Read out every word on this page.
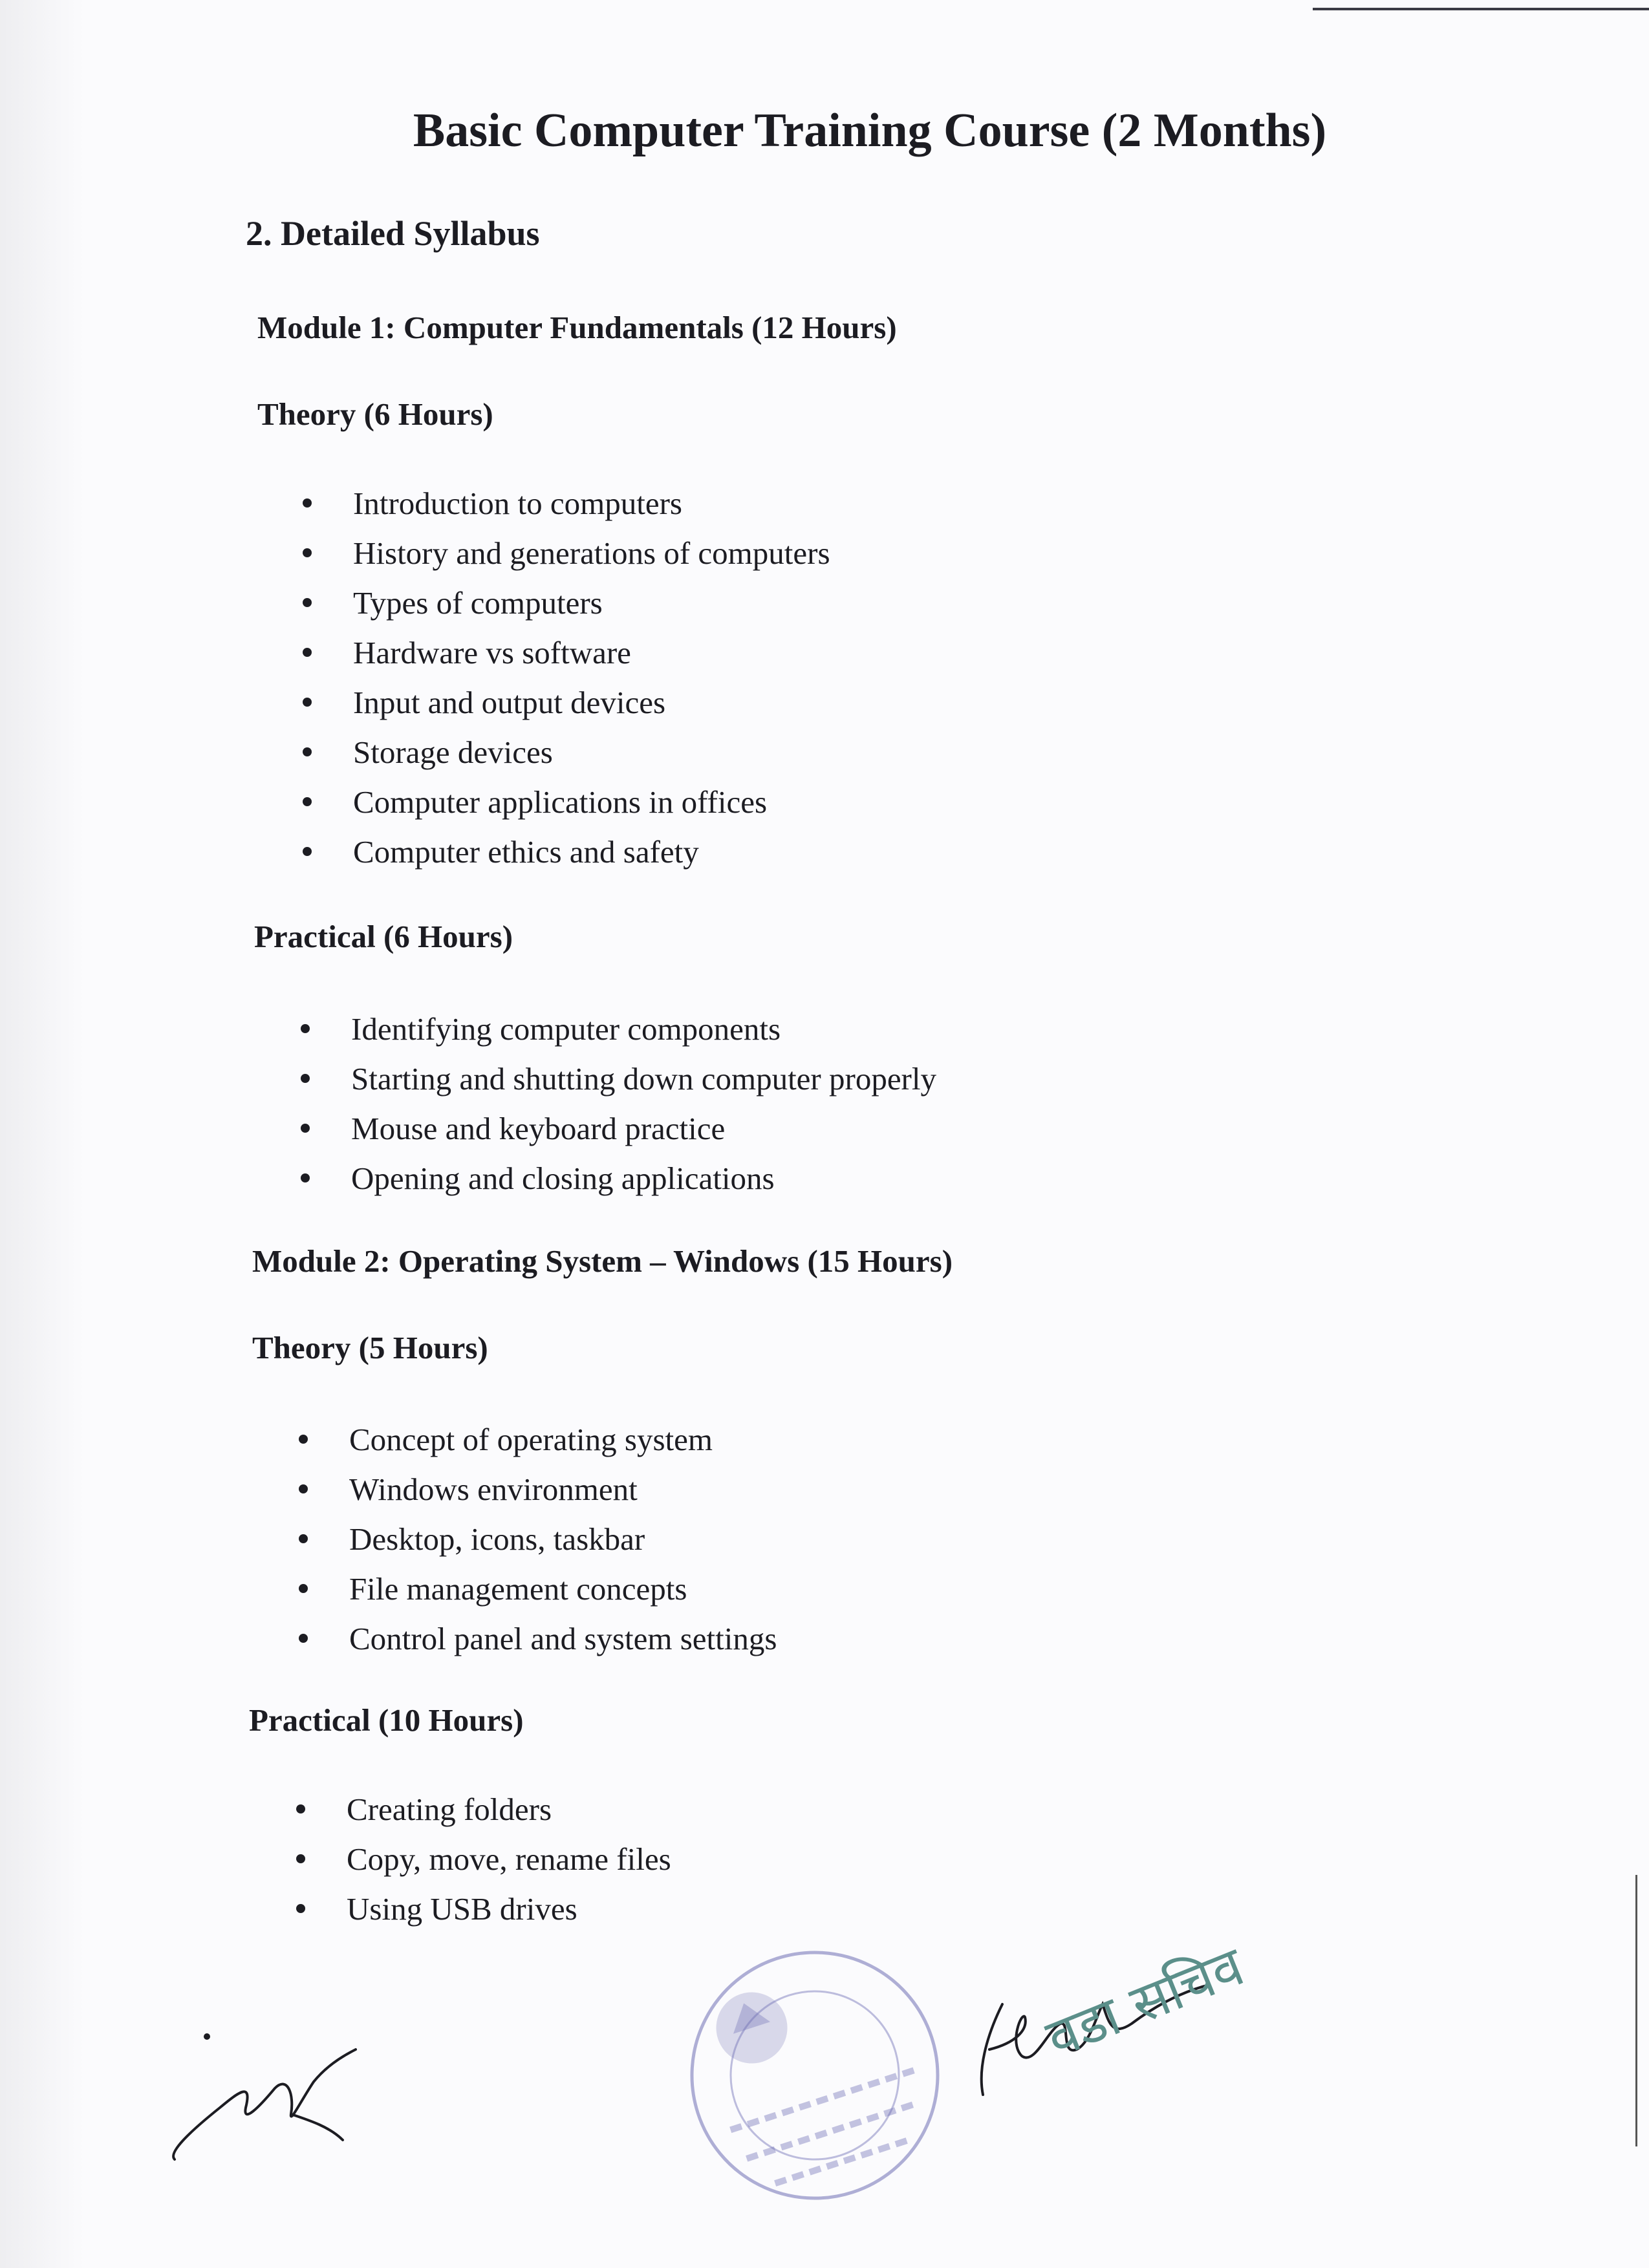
Basic Computer Training Course (2 Months)
2. Detailed Syllabus
Module 1: Computer Fundamentals (12 Hours)
Theory (6 Hours)
Introduction to computers
History and generations of computers
Types of computers
Hardware vs software
Input and output devices
Storage devices
Computer applications in offices
Computer ethics and safety
Practical (6 Hours)
Identifying computer components
Starting and shutting down computer properly
Mouse and keyboard practice
Opening and closing applications
Module 2: Operating System – Windows (15 Hours)
Theory (5 Hours)
Concept of operating system
Windows environment
Desktop, icons, taskbar
File management concepts
Control panel and system settings
Practical (10 Hours)
Creating folders
Copy, move, rename files
Using USB drives
वडा सचिव
